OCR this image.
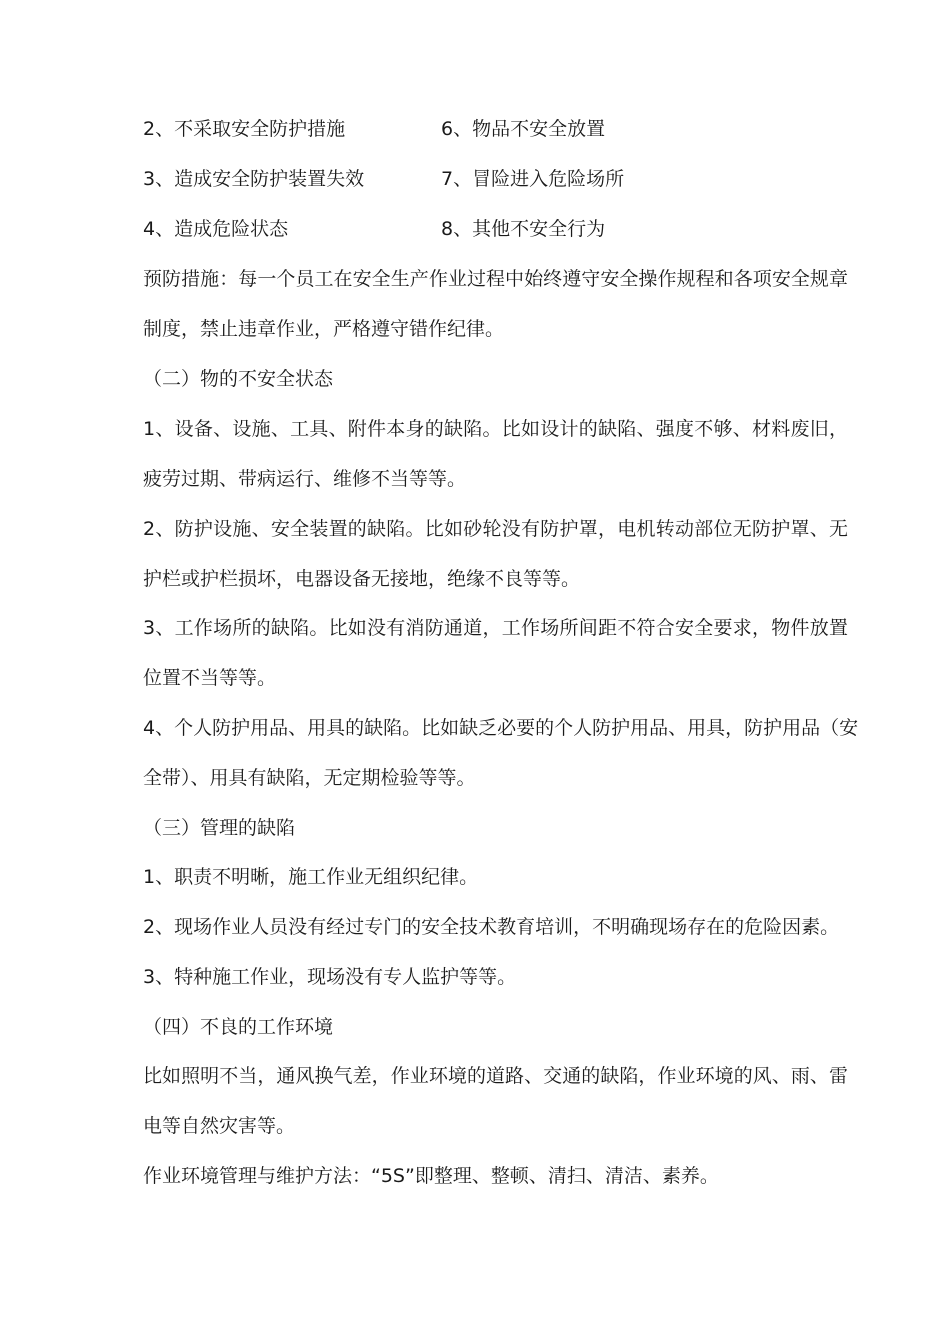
2、不采取安全防护措施	6、物品不安全放置
3、造成安全防护装置失效	7、冒险进入危险场所
4、造成危险状态	8、其他不安全行为
预防措施：每一个员工在安全生产作业过程中始终遵守安全操作规程和各项安全规章
制度，禁止违章作业，严格遵守错作纪律。
（二）物的不安全状态
1、设备、设施、工具、附件本身的缺陷。比如设计的缺陷、强度不够、材料废旧，
疲劳过期、带病运行、维修不当等等。
2、防护设施、安全装置的缺陷。比如砂轮没有防护罩，电机转动部位无防护罩、无
护栏或护栏损坏，电器设备无接地，绝缘不良等等。
3、工作场所的缺陷。比如没有消防通道，工作场所间距不符合安全要求，物件放置
位置不当等等。
4、个人防护用品、用具的缺陷。比如缺乏必要的个人防护用品、用具，防护用品（安
全带）、用具有缺陷，无定期检验等等。
（三）管理的缺陷
1、职责不明晰，施工作业无组织纪律。
2、现场作业人员没有经过专门的安全技术教育培训，不明确现场存在的危险因素。
3、特种施工作业，现场没有专人监护等等。
（四）不良的工作环境
比如照明不当，通风换气差，作业环境的道路、交通的缺陷，作业环境的风、雨、雷
电等自然灾害等。
作业环境管理与维护方法：“5S”即整理、整顿、清扫、清洁、素养。
